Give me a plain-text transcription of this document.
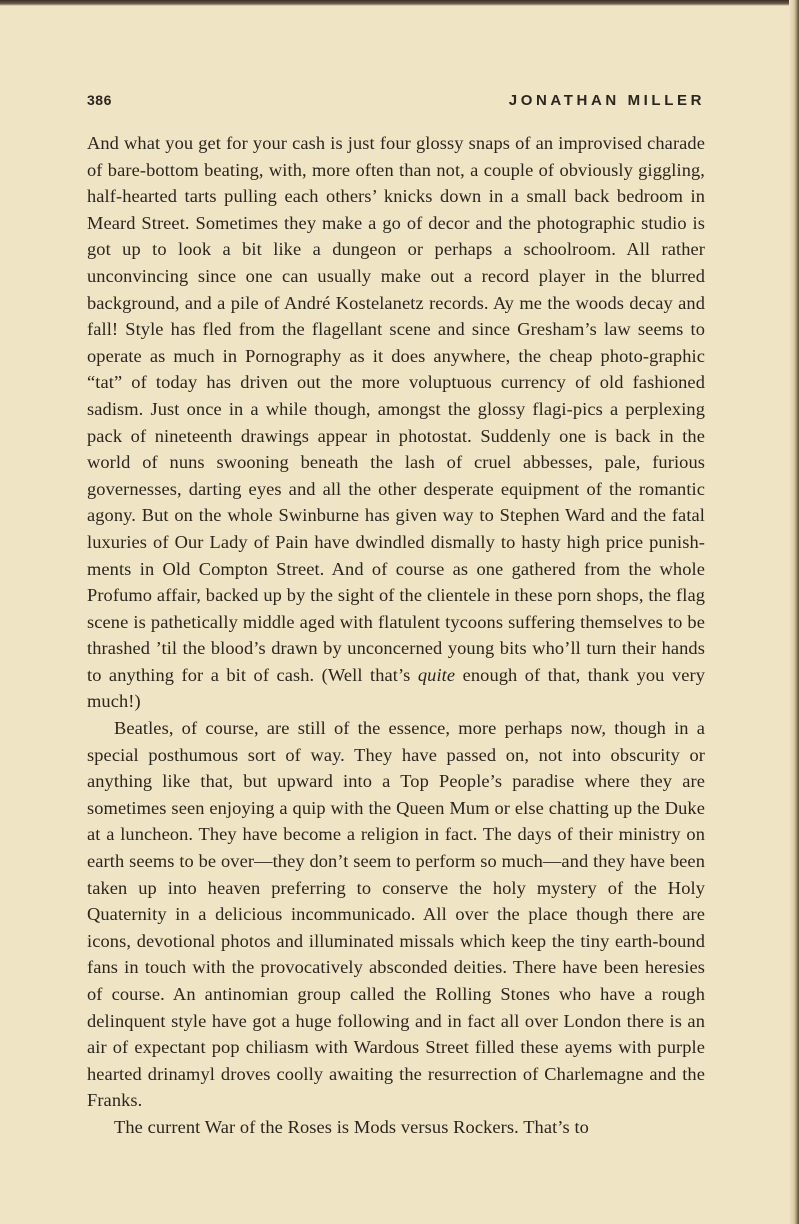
386	JONATHAN MILLER

And what you get for your cash is just four glossy snaps of an improvised charade of bare-bottom beating, with, more often than not, a couple of obviously giggling, half-hearted tarts pulling each others’ knicks down in a small back bedroom in Meard Street. Sometimes they make a go of decor and the photographic studio is got up to look a bit like a dungeon or perhaps a schoolroom. All rather unconvincing since one can usually make out a record player in the blurred background, and a pile of André Kostelanetz records. Ay me the woods decay and fall! Style has fled from the flagellant scene and since Gresham’s law seems to operate as much in Pornography as it does anywhere, the cheap photo-graphic “tat” of today has driven out the more voluptuous currency of old fashioned sadism. Just once in a while though, amongst the glossy flagi-pics a perplexing pack of nineteenth drawings appear in photostat. Suddenly one is back in the world of nuns swooning beneath the lash of cruel abbesses, pale, furious governesses, darting eyes and all the other desperate equipment of the romantic agony. But on the whole Swinburne has given way to Stephen Ward and the fatal luxuries of Our Lady of Pain have dwindled dismally to hasty high price punish-ments in Old Compton Street. And of course as one gathered from the whole Profumo affair, backed up by the sight of the clientele in these porn shops, the flag scene is pathetically middle aged with flatulent tycoons suffering themselves to be thrashed ’til the blood’s drawn by unconcerned young bits who’ll turn their hands to anything for a bit of cash. (Well that’s quite enough of that, thank you very much!)

Beatles, of course, are still of the essence, more perhaps now, though in a special posthumous sort of way. They have passed on, not into obscurity or anything like that, but upward into a Top People’s paradise where they are sometimes seen enjoying a quip with the Queen Mum or else chatting up the Duke at a luncheon. They have become a religion in fact. The days of their ministry on earth seems to be over—they don’t seem to perform so much—and they have been taken up into heaven preferring to conserve the holy mystery of the Holy Quaternity in a delicious incommunicado. All over the place though there are icons, devotional photos and illuminated missals which keep the tiny earth-bound fans in touch with the provocatively absconded deities. There have been heresies of course. An antinomian group called the Rolling Stones who have a rough delinquent style have got a huge following and in fact all over London there is an air of expectant pop chiliasm with Wardous Street filled these ayems with purple hearted drinamyl droves coolly awaiting the resurrection of Charlemagne and the Franks.

The current War of the Roses is Mods versus Rockers. That’s to
